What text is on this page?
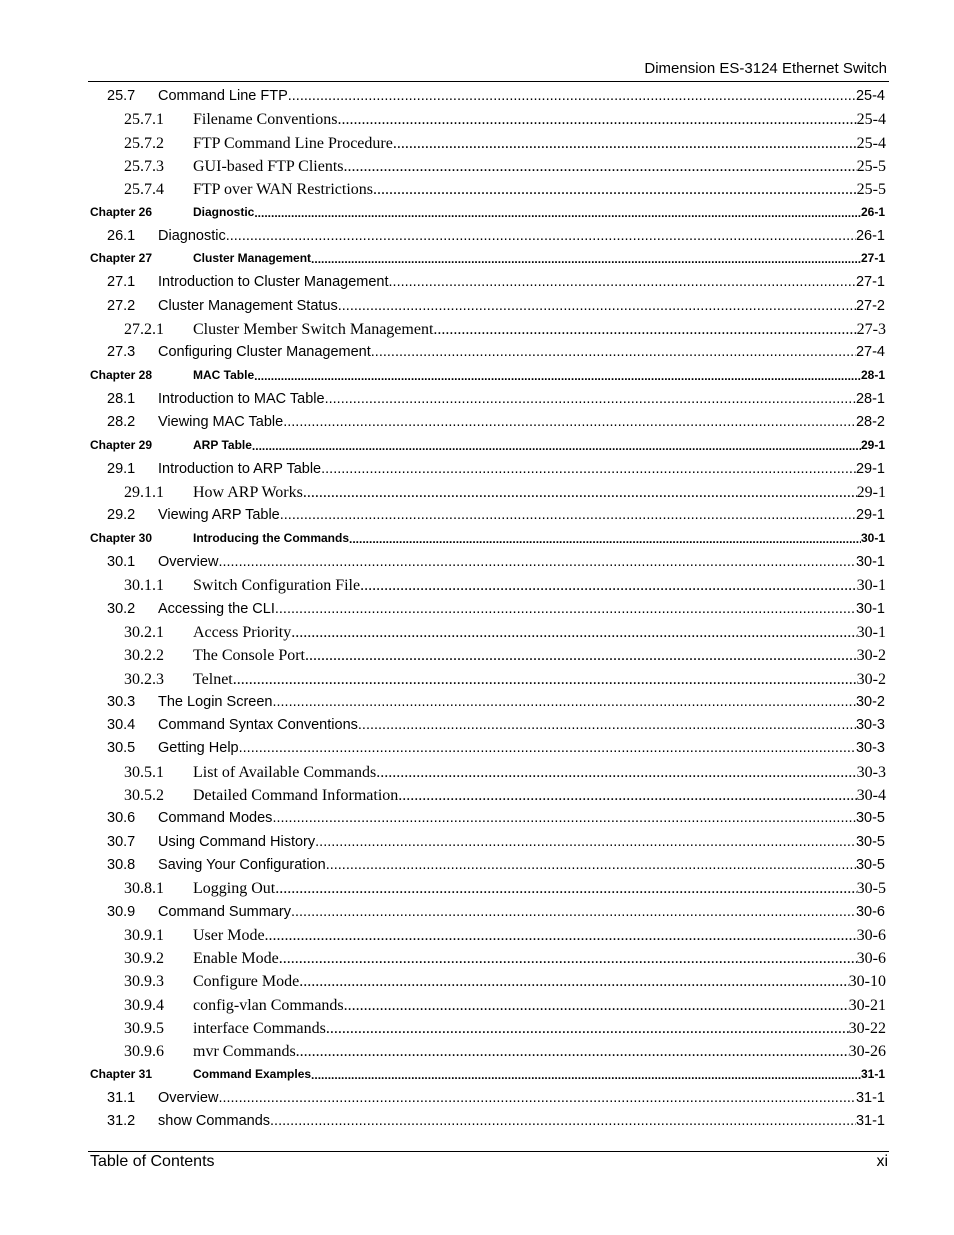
Dimension ES-3124 Ethernet Switch
25.7	Command Line FTP .....	25-4
25.7.1	Filename Conventions .....	25-4
25.7.2	FTP Command Line Procedure .....	25-4
25.7.3	GUI-based FTP Clients .....	25-5
25.7.4	FTP over WAN Restrictions .....	25-5
Chapter 26	Diagnostic .....	26-1
26.1	Diagnostic .....	26-1
Chapter 27	Cluster Management .....	27-1
27.1	Introduction to Cluster Management .....	27-1
27.2	Cluster Management Status .....	27-2
27.2.1	Cluster Member Switch Management .....	27-3
27.3	Configuring Cluster Management .....	27-4
Chapter 28	MAC Table .....	28-1
28.1	Introduction to MAC Table .....	28-1
28.2	Viewing MAC Table .....	28-2
Chapter 29	ARP Table .....	29-1
29.1	Introduction to ARP Table .....	29-1
29.1.1	How ARP Works .....	29-1
29.2	Viewing ARP Table .....	29-1
Chapter 30	Introducing the Commands .....	30-1
30.1	Overview .....	30-1
30.1.1	Switch Configuration File .....	30-1
30.2	Accessing the CLI .....	30-1
30.2.1	Access Priority .....	30-1
30.2.2	The Console Port .....	30-2
30.2.3	Telnet .....	30-2
30.3	The Login Screen .....	30-2
30.4	Command Syntax Conventions .....	30-3
30.5	Getting Help .....	30-3
30.5.1	List of Available Commands .....	30-3
30.5.2	Detailed Command Information .....	30-4
30.6	Command Modes .....	30-5
30.7	Using Command History .....	30-5
30.8	Saving Your Configuration .....	30-5
30.8.1	Logging Out .....	30-5
30.9	Command Summary .....	30-6
30.9.1	User Mode .....	30-6
30.9.2	Enable Mode .....	30-6
30.9.3	Configure Mode .....	30-10
30.9.4	config-vlan Commands .....	30-21
30.9.5	interface Commands .....	30-22
30.9.6	mvr Commands .....	30-26
Chapter 31	Command Examples .....	31-1
31.1	Overview .....	31-1
31.2	show Commands .....	31-1
Table of Contents	xi
